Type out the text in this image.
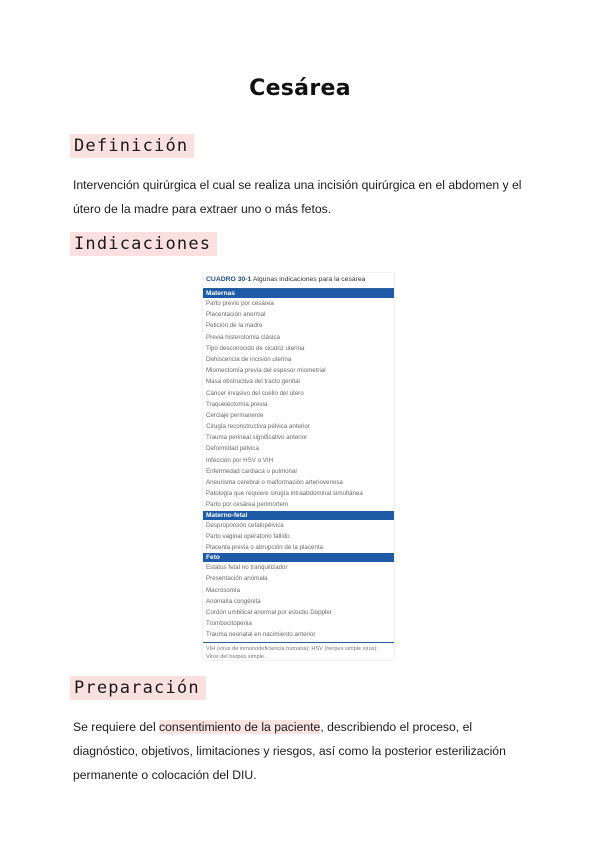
Cesárea
Definición
Intervención quirúrgica el cual se realiza una incisión quirúrgica en el abdomen y el útero de la madre para extraer uno o más fetos.
Indicaciones
CUADRO 30-1 Algunas indicaciones para la cesárea
Maternas
Parto previo por cesárea
Placentación anormal
Petición de la madre
Previa histerotomía clásica
Tipo desconocido de cicatriz uterina
Dehiscencia de incisión uterina
Miomectomía previa del espesor miometrial
Masa obstructiva del tracto genital
Cáncer invasivo del cuello del útero
Traquelectomía previa
Cerclaje permanente
Cirugía reconstructiva pélvica anterior
Trauma perineal significativo anterior
Deformidad pélvica
Infección por HSV o VIH
Enfermedad cardiaca o pulmonar
Aneurisma cerebral o malformación arteriovenosa
Patología que requiere cirugía intraabdominal simultánea
Parto por cesárea perimortem
Materno-fetal
Desproporción cefalopélvica
Parto vaginal operatorio fallido
Placenta previa o abrupción de la placenta
Feto
Estatus fetal no tranquilizador
Presentación anómala
Macrosomía
Anomalía congénita
Cordón umbilical anormal por estudio Doppler
Trombocitopenia
Trauma neonatal en nacimiento anterior
VIH (virus de inmunodeficiencia humana); HSV (herpes simple virus); Virus del herpes simple.
Preparación
Se requiere del consentimiento de la paciente, describiendo el proceso, el diagnóstico, objetivos, limitaciones y riesgos, así como la posterior esterilización permanente o colocación del DIU.
